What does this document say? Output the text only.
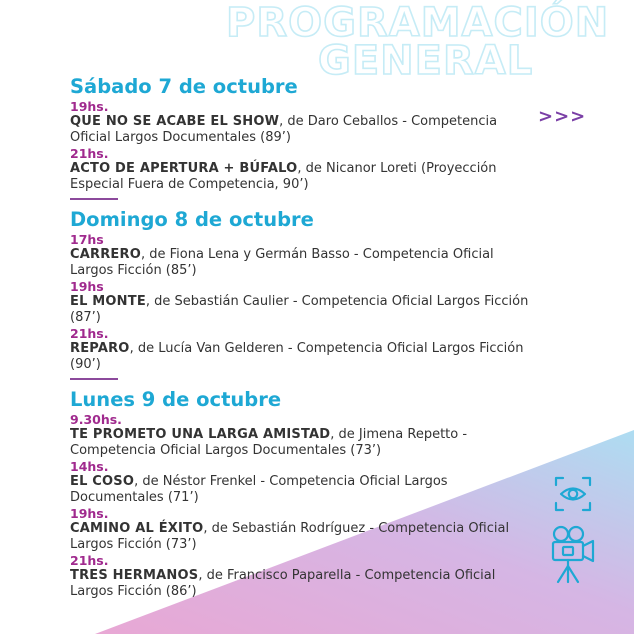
PROGRAMACIÓN
GENERAL
>>>
Sábado 7 de octubre
19hs.
QUE NO SE ACABE EL SHOW, de Daro Ceballos - Competencia Oficial Largos Documentales (89’)
21hs.
ACTO DE APERTURA + BÚFALO, de Nicanor Loreti (Proyección Especial Fuera de Competencia, 90’)
Domingo 8 de octubre
17hs
CARRERO, de Fiona Lena y Germán Basso - Competencia Oficial Largos Ficción (85’)
19hs
EL MONTE, de Sebastián Caulier - Competencia Oficial Largos Ficción (87’)
21hs.
REPARO, de Lucía Van Gelderen - Competencia Oficial Largos Ficción (90’)
Lunes 9 de octubre
9.30hs.
TE PROMETO UNA LARGA AMISTAD, de Jimena Repetto - Competencia Oficial Largos Documentales (73’)
14hs.
EL COSO, de Néstor Frenkel - Competencia Oficial Largos Documentales (71’)
19hs.
CAMINO AL ÉXITO, de Sebastián Rodríguez - Competencia Oficial Largos Ficción (73’)
21hs.
TRES HERMANOS, de Francisco Paparella - Competencia Oficial Largos Ficción (86’)
